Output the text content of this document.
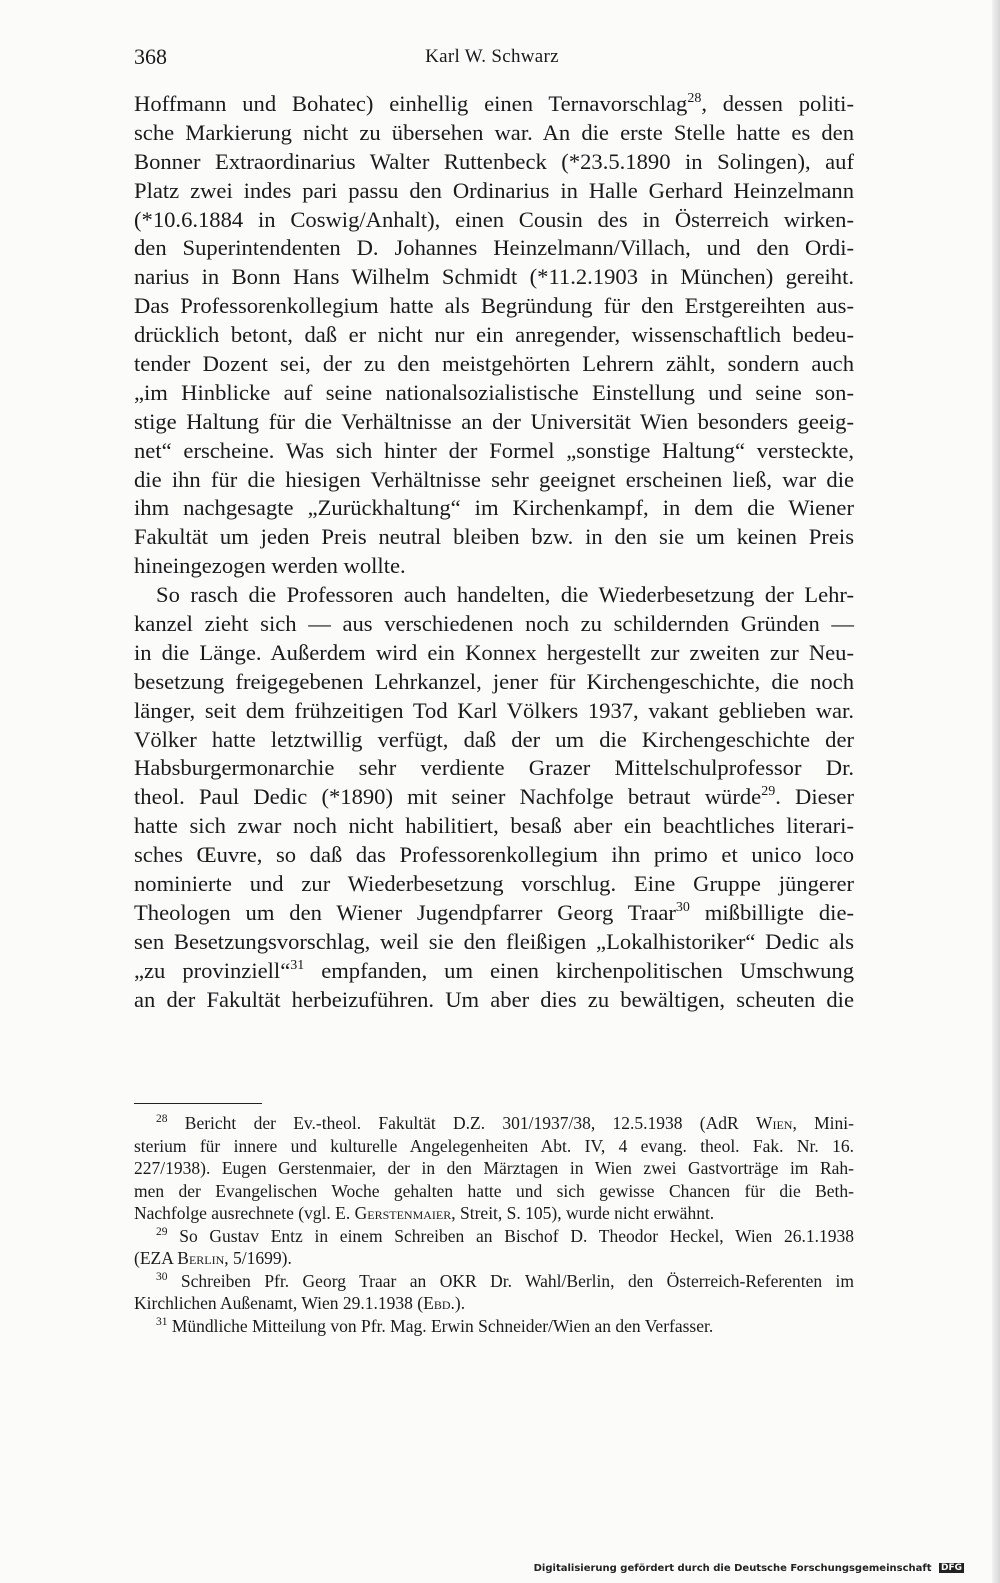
368	Karl W. Schwarz
Hoffmann und Bohatec) einhellig einen Ternavorschlag$^{28}$, dessen politi-
sche Markierung nicht zu übersehen war. An die erste Stelle hatte es den
Bonner Extraordinarius Walter Ruttenbeck (*23.5.1890 in Solingen), auf
Platz zwei indes pari passu den Ordinarius in Halle Gerhard Heinzelmann
(*10.6.1884 in Coswig/Anhalt), einen Cousin des in Österreich wirken-
den Superintendenten D. Johannes Heinzelmann/Villach, und den Ordi-
narius in Bonn Hans Wilhelm Schmidt (*11.2.1903 in München) gereiht.
Das Professorenkollegium hatte als Begründung für den Erstgereihten aus-
drücklich betont, daß er nicht nur ein anregender, wissenschaftlich bedeu-
tender Dozent sei, der zu den meistgehörten Lehrern zählt, sondern auch
„im Hinblicke auf seine nationalsozialistische Einstellung und seine son-
stige Haltung für die Verhältnisse an der Universität Wien besonders geeig-
net“ erscheine. Was sich hinter der Formel „sonstige Haltung“ versteckte,
die ihn für die hiesigen Verhältnisse sehr geeignet erscheinen ließ, war die
ihm nachgesagte „Zurückhaltung“ im Kirchenkampf, in dem die Wiener
Fakultät um jeden Preis neutral bleiben bzw. in den sie um keinen Preis
hineingezogen werden wollte.
So rasch die Professoren auch handelten, die Wiederbesetzung der Lehr-
kanzel zieht sich — aus verschiedenen noch zu schildernden Gründen —
in die Länge. Außerdem wird ein Konnex hergestellt zur zweiten zur Neu-
besetzung freigegebenen Lehrkanzel, jener für Kirchengeschichte, die noch
länger, seit dem frühzeitigen Tod Karl Völkers 1937, vakant geblieben war.
Völker hatte letztwillig verfügt, daß der um die Kirchengeschichte der
Habsburgermonarchie sehr verdiente Grazer Mittelschulprofessor Dr.
theol. Paul Dedic (*1890) mit seiner Nachfolge betraut würde$^{29}$. Dieser
hatte sich zwar noch nicht habilitiert, besaß aber ein beachtliches literari-
sches Œuvre, so daß das Professorenkollegium ihn primo et unico loco
nominierte und zur Wiederbesetzung vorschlug. Eine Gruppe jüngerer
Theologen um den Wiener Jugendpfarrer Georg Traar$^{30}$ mißbilligte die-
sen Besetzungsvorschlag, weil sie den fleißigen „Lokalhistoriker“ Dedic als
„zu provinziell“$^{31}$ empfanden, um einen kirchenpolitischen Umschwung
an der Fakultät herbeizuführen. Um aber dies zu bewältigen, scheuten die
$^{28}$ Bericht der Ev.-theol. Fakultät D.Z. 301/1937/38, 12.5.1938 (AdR Wien, Mini-
sterium für innere und kulturelle Angelegenheiten Abt. IV, 4 evang. theol. Fak. Nr. 16.
227/1938). Eugen Gerstenmaier, der in den Märztagen in Wien zwei Gastvorträge im Rah-
men der Evangelischen Woche gehalten hatte und sich gewisse Chancen für die Beth-
Nachfolge ausrechnete (vgl. E. Gerstenmaier, Streit, S. 105), wurde nicht erwähnt.
$^{29}$ So Gustav Entz in einem Schreiben an Bischof D. Theodor Heckel, Wien 26.1.1938
(EZA Berlin, 5/1699).
$^{30}$ Schreiben Pfr. Georg Traar an OKR Dr. Wahl/Berlin, den Österreich-Referenten im
Kirchlichen Außenamt, Wien 29.1.1938 (Ebd.).
$^{31}$ Mündliche Mitteilung von Pfr. Mag. Erwin Schneider/Wien an den Verfasser.
Digitalisierung gefördert durch die Deutsche Forschungsgemeinschaft DFG
